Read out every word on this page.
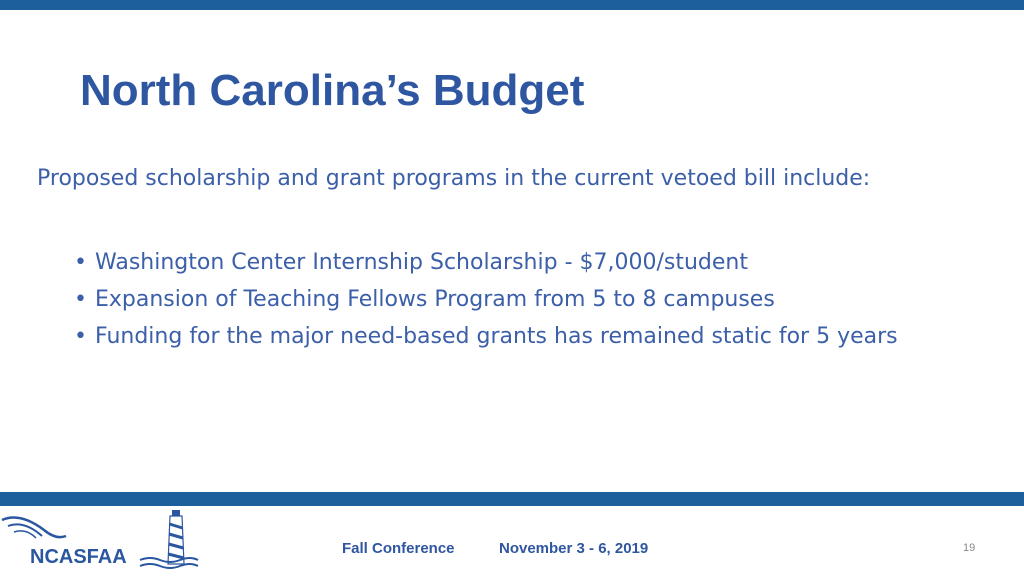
North Carolina’s Budget

Proposed scholarship and grant programs in the current vetoed bill include:

• Washington Center Internship Scholarship - $7,000/student
• Expansion of Teaching Fellows Program from 5 to 8 campuses
• Funding for the major need-based grants has remained static for 5 years
NCASFAA	Fall Conference	November 3 - 6, 2019	19
